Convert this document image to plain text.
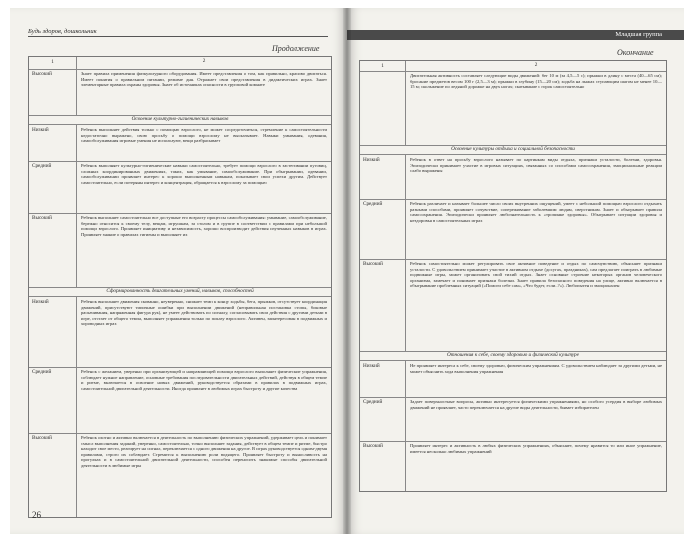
Будь здоров, дошкольник
Продолжение
1	2
Высокий	Знает правила применения физкультурного оборудования. Имеет представления о том, как правильно, красиво двигаться. Имеет понятия о правильном питании, режиме дня. Отражает свои представления в дидактических играх. Знает элементарные правила охраны здоровья. Знает об источниках опасности в групповой комнате
Освоение культурно-гигиенических навыков
Низкий	Ребенок выполняет действия только с помощью взрослого, не может сосредоточиться, стремление к самостоятельности недостаточно выражено, свою просьбу о помощи взрослому не высказывает. Навыки умывания, одевания, самообслуживания игровые умения не используют, вещи разбрасывает
Средний	Ребенок выполняет культурно-гигиенические навыки самостоятельно, требует помощи взрослого в застегивании пуговиц, сложных координированных движениях, таких, как умывание, самообслуживание. При обыгрывании, одевании, самообслуживании проявляет интерес к хорошо выполненным навыкам, показывает свои успехи другим. Действует самостоятельно, если потеряны интерес и концентрация, обращается к взрослому за помощью
Высокий	Ребенок выполняет самостоятельно все доступные его возрасту процессы самообслуживания: умывание, самообслуживание, бережно относится к своему телу, вещам, игрушкам, за столом и в группе в соответствии с правилами при небольшой помощи взрослого. Проявляет инициативу и независимость, хорошо воспроизводит действия изученных навыков в играх. Проявляет знание о правилах гигиены и выполняет их
Сформированность двигательных умений, навыков, способностей
Низкий	Ребенок выполняет движения скованно, неуверенно, снижает темп к концу ходьбы, бега, прыжков, отсутствует координация движений, присутствуют типичные ошибки при выполнении движений (неправильная постановка стопы, боковые раскачивания, напряженная фигура рук), не умеет действовать по сигналу, согласовывать свои действия с другими детьми в игре, отстает от общего темпа, выполняет упражнения только по показу взрослого. Активен, заинтересован в подвижных и хороводных играх
Средний	Ребенок с желанием, уверенно при организующей и направляющей помощи взрослого выполняет физические упражнения, соблюдает нужное направление, основные требования последовательности двигательных действий, действуя в общем темпе и ритме, включается в освоение новых движений, руководствуется образами в правилах в подвижных играх, самостоятельной двигательной деятельности. Иногда проявляет в любимых играх быстроту и другие качества
Высокий	Ребенок охотно и активно включается в деятельность по выполнению физических упражнений, удерживает цель и понимает смысл выполнения заданий, уверенно, самостоятельно, точно выполняет задания, действует в общем темпе и ритме, быстро находит свое место, реагирует на сигнал, переключается с одного движения на другое. В играх руководствуется одним-двумя правилами, строго их соблюдает. Стремится к выполнению роли водящего. Проявляет быстроту и выносливость на прогулках и в самостоятельной двигательной деятельности, способен переносить знакомые способы двигательной деятельности в любимые игры
26
Младшая группа
Окончание
1	2
Двигательная активность составляет следующие виды движений: бег 10 м (за 4,5—5 с); прыжки в длину с места (40—65 см); бросание предметов весом 100 г (2,5—3 м); прыжки в глубину (15—20 см); ходьба на лыжах ступающим шагом не менее 10—15 м; скольжение по ледяной дорожке на двух ногах; скатывание с горок самостоятельно
Освоение культуры отдыха и социальной безопасности
Низкий	Ребенок в ответ на просьбу взрослого называет по картинкам виды отдыха, признаки усталости, болезни, здоровья. Эпизодически принимает участие в игровых ситуациях, связанных со способами самосохранения, эмоциональные реакции слабо выражены
Средний	Ребенок различает и называет большее число своих внутренних ощущений, умеет с небольшой помощью взрослого отдыхать разными способами, проявляет сочувствие, сопереживание заболевшим людям, сверстникам. Знает и обыгрывает правила самосохранения. Эпизодически проявляет любознательность к «тропинке здоровья». Обыгрывает ситуации здоровья и нездоровья в самостоятельных играх
Высокий	Ребенок самостоятельно может регулировать свое активное поведение и отдых по самочувствию, объясняет признаки усталости. С удовольствием принимает участие в активном отдыхе (досугах, праздниках), сам предлагает поиграть в любимые подвижные игры, может организовать свой тихий отдых. Знает основные строение некоторых органов человеческого организма, замечает и понимает признаки болезни. Знает правила безопасного поведения на улице, активно включается в обыгрывание проблемных ситуаций («Помоги себе сам», «Что будет, если..?»). Любопытен и эмоционален
Отношения к себе, своему здоровью и физической культуре
Низкий	Не проявляет интереса к себе, своему здоровью, физическим упражнениям. С удовольствием наблюдает за другими детьми, не может объяснить хода выполнения упражнения
Средний	Задает поверхностные вопросы, активно интересуется физическими упражнениями, но особого усердия в выборе любимых движений не проявляет, часто переключается на другие виды деятельности, бывает избирателен
Высокий	Проявляет интерес и активность в любых физических упражнениях, объясняет, почему нравится то или иное упражнение, имеется несколько любимых упражнений
